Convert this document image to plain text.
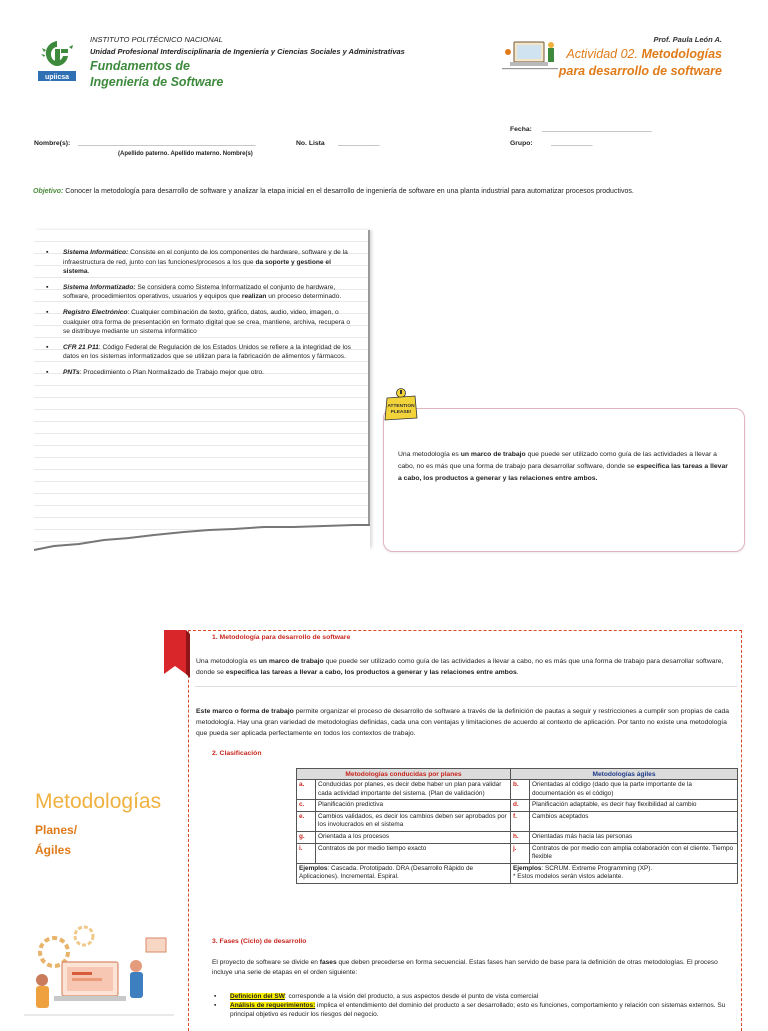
upiicsa
INSTITUTO POLITÉCNICO NACIONAL
Unidad Profesional Interdisciplinaria de Ingeniería y Ciencias Sociales y Administrativas
Fundamentos de
Ingeniería de Software
Prof. Paula León A.
Actividad 02. Metodologías
para desarrollo de software
Fecha: _____________________________
Nombre(s): _______________________________________________	No. Lista ___________	Grupo:	___________
(Apellido paterno. Apellido materno. Nombre(s)
Objetivo: Conocer la metodología para desarrollo de software y analizar la etapa inicial en el desarrollo de ingeniería de software en una planta industrial para automatizar procesos productivos.
▪ Sistema Informático: Consiste en el conjunto de los componentes de hardware, software y de la infraestructura de red, junto con las funciones/procesos a los que da soporte y gestione el sistema.
▪ Sistema Informatizado: Se considera como Sistema Informatizado el conjunto de hardware, software, procedimientos operativos, usuarios y equipos que realizan un proceso determinado.
▪ Registro Electrónico: Cualquier combinación de texto, gráfico, datos, audio, video, imagen, o cualquier otra forma de presentación en formato digital que se crea, mantiene, archiva, recupera o se distribuye mediante un sistema informático
▪ CFR 21 P11: Código Federal de Regulación de los Estados Unidos se refiere a la integridad de los datos en los sistemas informatizados que se utilizan para la fabricación de alimentos y fármacos.
▪ PNTs: Procedimiento o Plan Normalizado de Trabajo mejor que otro.
Una metodología es un marco de trabajo que puede ser utilizado como guía de las actividades a llevar a cabo, no es más que una forma de trabajo para desarrollar software, donde se especifica las tareas a llevar a cabo, los productos a generar y las relaciones entre ambos.
ATTENTION
PLEASE!
1. Metodología para desarrollo de software
Una metodología es un marco de trabajo que puede ser utilizado como guía de las actividades a llevar a cabo, no es más que una forma de trabajo para desarrollar software, donde se especifica las tareas a llevar a cabo, los productos a generar y las relaciones entre ambos.
Este marco o forma de trabajo permite organizar el proceso de desarrollo de software a través de la definición de pautas a seguir y restricciones a cumplir son propias de cada metodología. Hay una gran variedad de metodologías definidas, cada una con ventajas y limitaciones de acuerdo al contexto de aplicación. Por tanto no existe una metodología que pueda ser aplicada perfectamente en todos los contextos de trabajo.
2. Clasificación
Metodologías
Planes/
Ágiles
Metodologías conducidas por planes		Metodologías ágiles	
a.	Conducidas por planes, es decir debe haber un plan para validar cada actividad importante del sistema. (Plan de validación)	b.	Orientadas al código (dado que la parte importante de la documentación es el código)
c.	Planificación predictiva	d.	Planificación adaptable, es decir hay flexibilidad al cambio
e.	Cambios validados, es decir los cambios deben ser aprobados por los involucrados en el sistema	f.	Cambios aceptados
g.	Orientada a los procesos	h.	Orientadas más hacia las personas
i.	Contratos de por medio tiempo exacto	j.	Contratos de por medio con amplia colaboración con el cliente. Tiempo flexible
Ejemplos: Cascada. Prototipado. DRA (Desarrollo Rápido de Aplicaciones). Incremental. Espiral.		Ejemplos: SCRUM. Extreme Programming (XP).
* Estos modelos serán vistos adelante.	
3. Fases (Ciclo) de desarrollo
El proyecto de software se divide en fases que deben precederse en forma secuencial. Estas fases han servido de base para la definición de otras metodologías. El proceso incluye una serie de etapas en el orden siguiente:
▪ Definición del SW: corresponde a la visión del producto, a sus aspectos desde el punto de vista comercial
▪ Análisis de requerimientos: implica el entendimiento del dominio del producto a ser desarrollado; esto es funciones, comportamiento y relación con sistemas externos. Su principal objetivo es reducir los riesgos del negocio.
